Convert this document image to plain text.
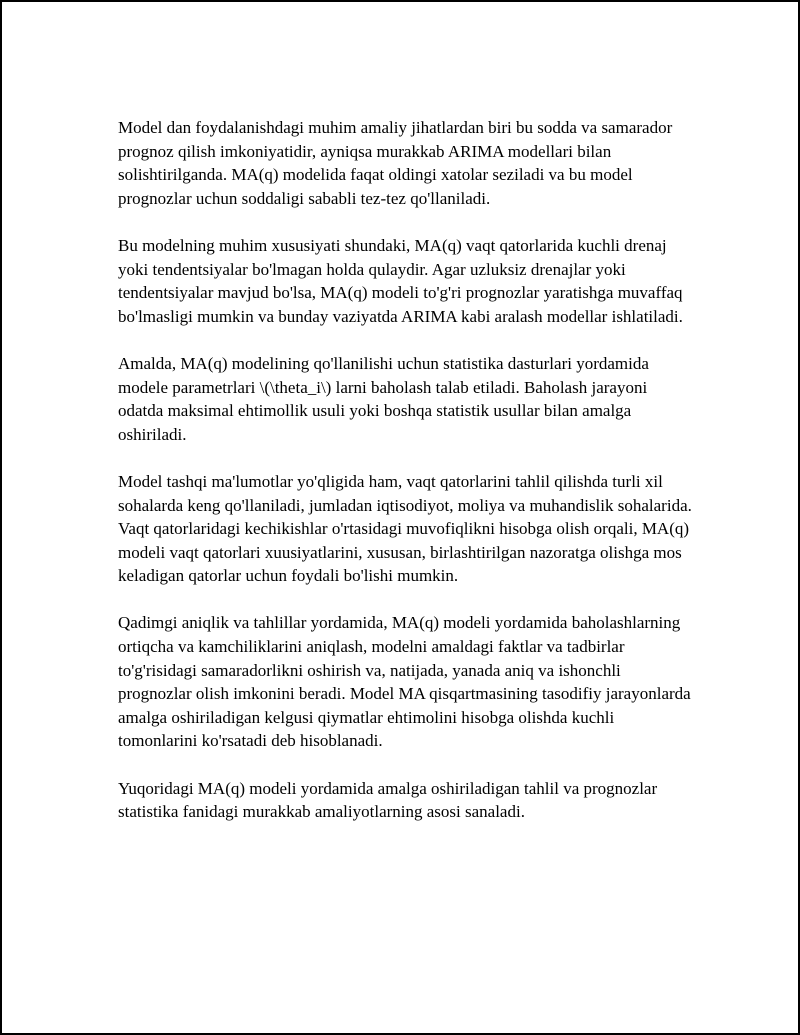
Model dan foydalanishdagi muhim amaliy jihatlardan biri bu sodda va samarador prognoz qilish imkoniyatidir, ayniqsa murakkab ARIMA modellari bilan solishtirilganda. MA(q) modelida faqat oldingi xatolar seziladi va bu model prognozlar uchun soddaligi sababli tez-tez qo'llaniladi.

Bu modelning muhim xususiyati shundaki, MA(q) vaqt qatorlarida kuchli drenaj yoki tendentsiyalar bo'lmagan holda qulaydir. Agar uzluksiz drenajlar yoki tendentsiyalar mavjud bo'lsa, MA(q) modeli to'g'ri prognozlar yaratishga muvaffaq bo'lmasligi mumkin va bunday vaziyatda ARIMA kabi aralash modellar ishlatiladi.

Amalda, MA(q) modelining qo'llanilishi uchun statistika dasturlari yordamida modele parametrlari \(\theta_i\) larni baholash talab etiladi. Baholash jarayoni odatda maksimal ehtimollik usuli yoki boshqa statistik usullar bilan amalga oshiriladi.

Model tashqi ma'lumotlar yo'qligida ham, vaqt qatorlarini tahlil qilishda turli xil sohalarda keng qo'llaniladi, jumladan iqtisodiyot, moliya va muhandislik sohalarida. Vaqt qatorlaridagi kechikishlar o'rtasidagi muvofiqlikni hisobga olish orqali, MA(q) modeli vaqt qatorlari xuusiyatlarini, xususan, birlashtirilgan nazoratga olishga mos keladigan qatorlar uchun foydali bo'lishi mumkin.

Qadimgi aniqlik va tahlillar yordamida, MA(q) modeli yordamida baholashlarning ortiqcha va kamchiliklarini aniqlash, modelni amaldagi faktlar va tadbirlar to'g'risidagi samaradorlikni oshirish va, natijada, yanada aniq va ishonchli prognozlar olish imkonini beradi. Model MA qisqartmasining tasodifiy jarayonlarda amalga oshiriladigan kelgusi qiymatlar ehtimolini hisobga olishda kuchli tomonlarini ko'rsatadi deb hisoblanadi.

Yuqoridagi MA(q) modeli yordamida amalga oshiriladigan tahlil va prognozlar statistika fanidagi murakkab amaliyotlarning asosi sanaladi.
